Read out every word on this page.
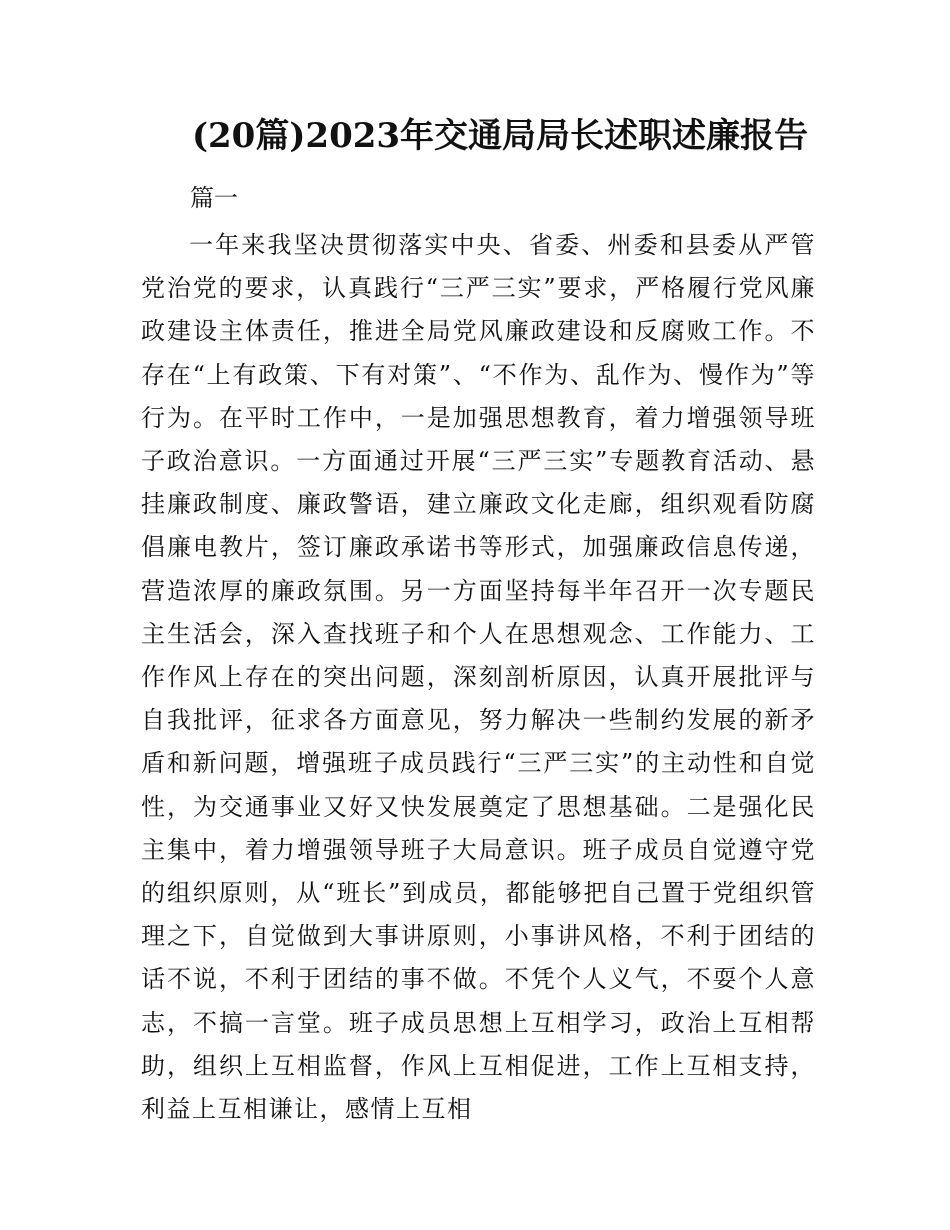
(20篇)2023年交通局局长述职述廉报告

篇一

一年来我坚决贯彻落实中央、省委、州委和县委从严管党治党的要求，认真践行“三严三实”要求，严格履行党风廉政建设主体责任，推进全局党风廉政建设和反腐败工作。不存在“上有政策、下有对策”、“不作为、乱作为、慢作为”等行为。在平时工作中，一是加强思想教育，着力增强领导班子政治意识。一方面通过开展“三严三实”专题教育活动、悬挂廉政制度、廉政警语，建立廉政文化走廊，组织观看防腐倡廉电教片，签订廉政承诺书等形式，加强廉政信息传递，营造浓厚的廉政氛围。另一方面坚持每半年召开一次专题民主生活会，深入查找班子和个人在思想观念、工作能力、工作作风上存在的突出问题，深刻剖析原因，认真开展批评与自我批评，征求各方面意见，努力解决一些制约发展的新矛盾和新问题，增强班子成员践行“三严三实”的主动性和自觉性，为交通事业又好又快发展奠定了思想基础。二是强化民主集中，着力增强领导班子大局意识。班子成员自觉遵守党的组织原则，从“班长”到成员，都能够把自己置于党组织管理之下，自觉做到大事讲原则，小事讲风格，不利于团结的话不说，不利于团结的事不做。不凭个人义气，不耍个人意志，不搞一言堂。班子成员思想上互相学习，政治上互相帮助，组织上互相监督，作风上互相促进，工作上互相支持，利益上互相谦让，感情上互相
